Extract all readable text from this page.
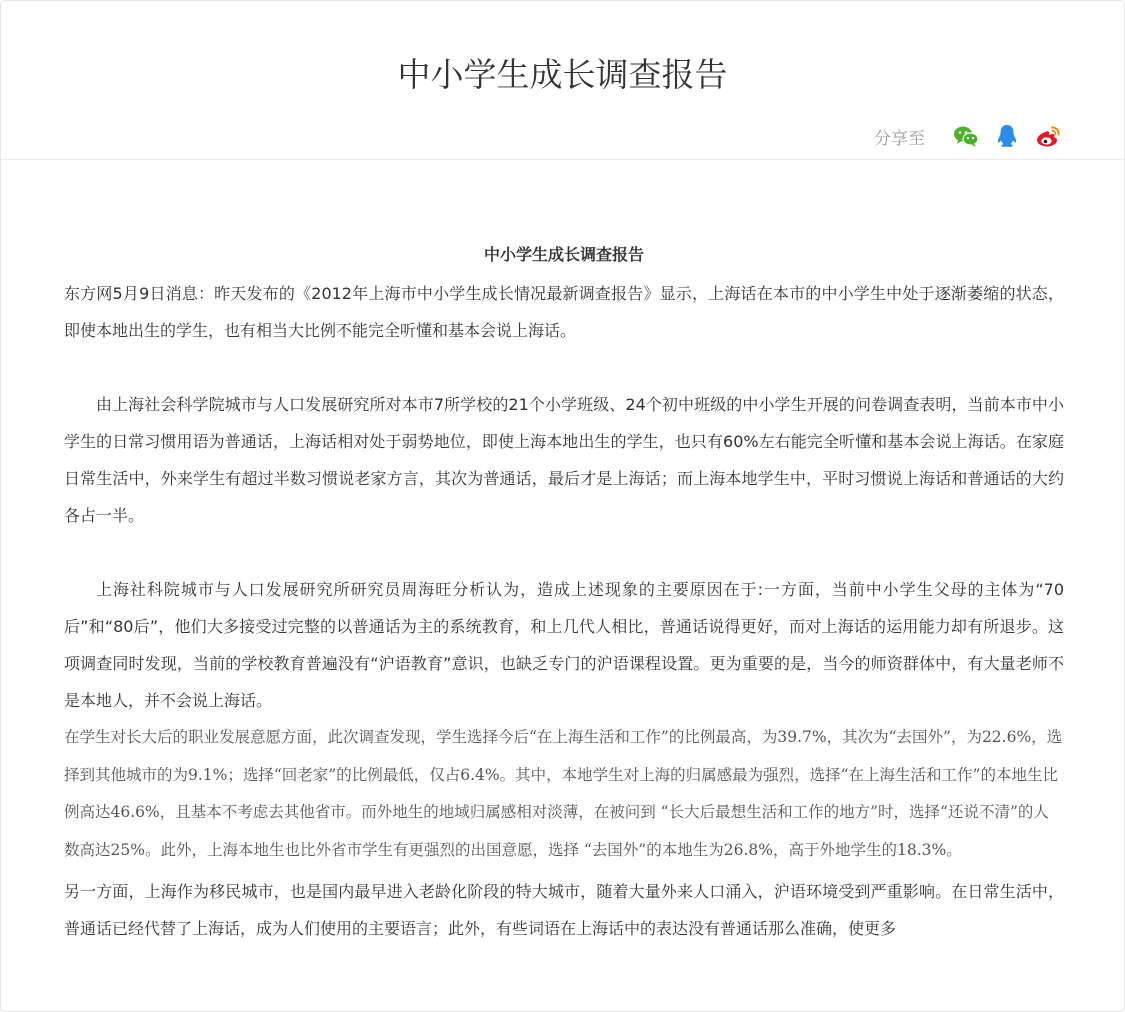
中小学生成长调查报告
分享至
中小学生成长调查报告

东方网5月9日消息：昨天发布的《2012年上海市中小学生成长情况最新调查报告》显示，上海话在本市的中小学生中处于逐渐萎缩的状态，即使本地出生的学生，也有相当大比例不能完全听懂和基本会说上海话。

由上海社会科学院城市与人口发展研究所对本市7所学校的21个小学班级、24个初中班级的中小学生开展的问卷调查表明，当前本市中小学生的日常习惯用语为普通话，上海话相对处于弱势地位，即使上海本地出生的学生，也只有60%左右能完全听懂和基本会说上海话。在家庭日常生活中，外来学生有超过半数习惯说老家方言，其次为普通话，最后才是上海话；而上海本地学生中，平时习惯说上海话和普通话的大约各占一半。

上海社科院城市与人口发展研究所研究员周海旺分析认为，造成上述现象的主要原因在于:一方面，当前中小学生父母的主体为“70后”和“80后”，他们大多接受过完整的以普通话为主的系统教育，和上几代人相比，普通话说得更好，而对上海话的运用能力却有所退步。这项调查同时发现，当前的学校教育普遍没有“沪语教育”意识，也缺乏专门的沪语课程设置。更为重要的是，当今的师资群体中，有大量老师不是本地人，并不会说上海话。

在学生对长大后的职业发展意愿方面，此次调查发现，学生选择今后“在上海生活和工作”的比例最高，为39.7%，其次为“去国外”，为22.6%，选择到其他城市的为9.1%；选择“回老家”的比例最低，仅占6.4%。其中，本地学生对上海的归属感最为强烈，选择“在上海生活和工作”的本地生比例高达46.6%，且基本不考虑去其他省市。而外地生的地域归属感相对淡薄，在被问到 “长大后最想生活和工作的地方”时，选择“还说不清”的人数高达25%。此外，上海本地生也比外省市学生有更强烈的出国意愿，选择 “去国外”的本地生为26.8%，高于外地学生的18.3%。

另一方面，上海作为移民城市，也是国内最早进入老龄化阶段的特大城市，随着大量外来人口涌入，沪语环境受到严重影响。在日常生活中，普通话已经代替了上海话，成为人们使用的主要语言；此外，有些词语在上海话中的表达没有普通话那么准确，使更多
